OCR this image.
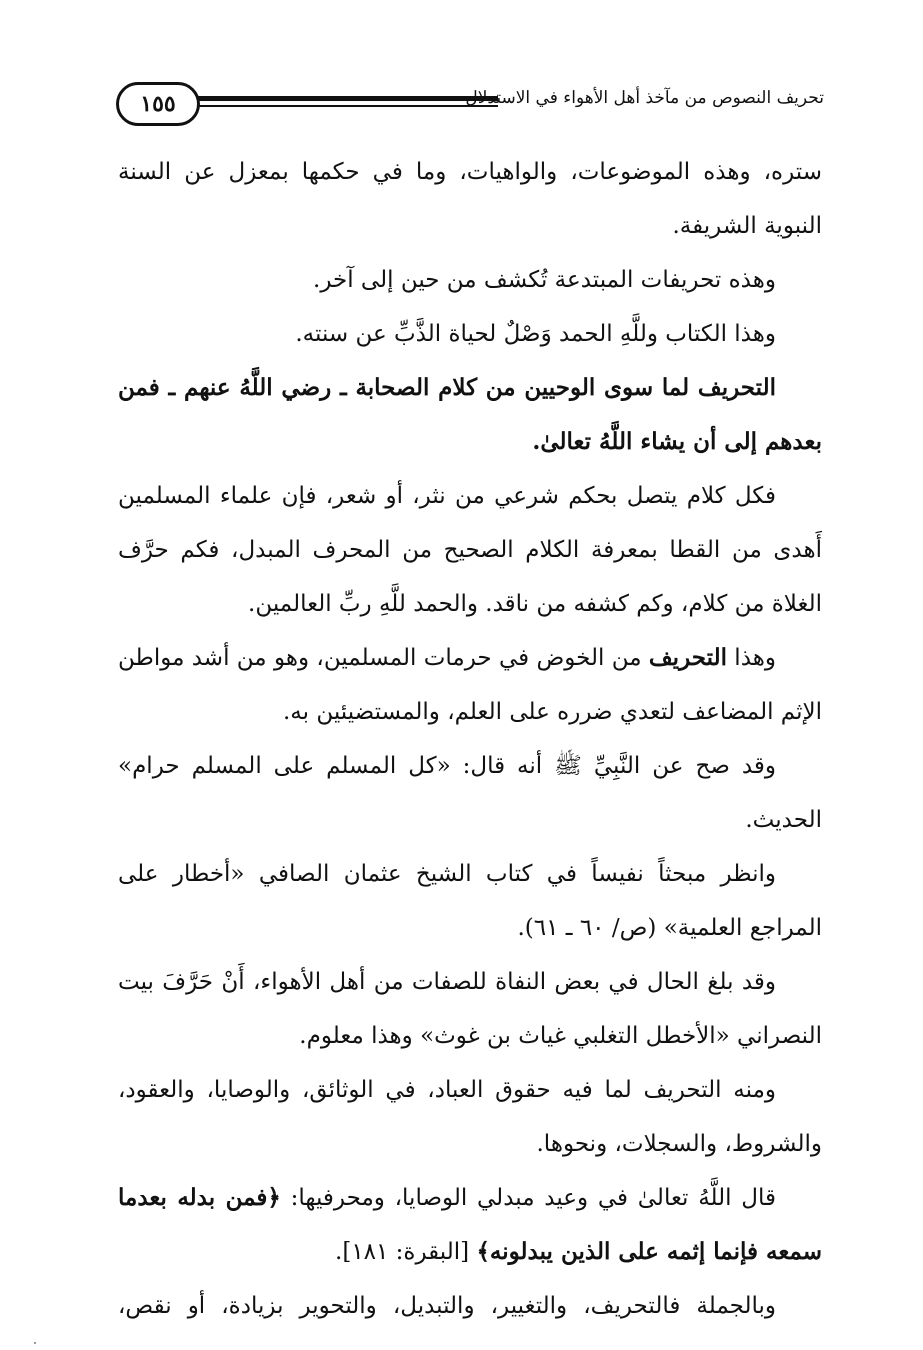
١٥٥	تحريف النصوص من مآخذ أهل الأهواء في الاستدلال

ستره، وهذه الموضوعات، والواهيات، وما في حكمها بمعزل عن السنة النبوية الشريفة.

وهذه تحريفات المبتدعة تُكشف من حين إلى آخر.

وهذا الكتاب وللَّهِ الحمد وَصْلٌ لحياة الذَّبِّ عن سنته.

التحريف لما سوى الوحيين من كلام الصحابة ـ رضي اللَّهُ عنهم ـ فمن بعدهم إلى أن يشاء اللَّهُ تعالىٰ.

فكل كلام يتصل بحكم شرعي من نثر، أو شعر، فإن علماء المسلمين أَهدى من القطا بمعرفة الكلام الصحيح من المحرف المبدل، فكم حرَّف الغلاة من كلام، وكم كشفه من ناقد. والحمد للَّهِ ربِّ العالمين.

وهذا التحريف من الخوض في حرمات المسلمين، وهو من أشد مواطن الإثم المضاعف لتعدي ضرره على العلم، والمستضيئين به.

وقد صح عن النَّبِيِّ ﷺ أنه قال: «كل المسلم على المسلم حرام» الحديث.

وانظر مبحثاً نفيساً في كتاب الشيخ عثمان الصافي «أخطار على المراجع العلمية» (ص/ ٦٠ ـ ٦١).

وقد بلغ الحال في بعض النفاة للصفات من أهل الأهواء، أَنْ حَرَّفَ بيت النصراني «الأخطل التغلبي غياث بن غوث» وهذا معلوم.

ومنه التحريف لما فيه حقوق العباد، في الوثائق، والوصايا، والعقود، والشروط، والسجلات، ونحوها.

قال اللَّهُ تعالىٰ في وعيد مبدلي الوصايا، ومحرفيها: ﴿فمن بدله بعدما سمعه فإنما إثمه على الذين يبدلونه﴾ [البقرة: ١٨١].

وبالجملة فالتحريف، والتغيير، والتبديل، والتحوير بزيادة، أو نقص،
